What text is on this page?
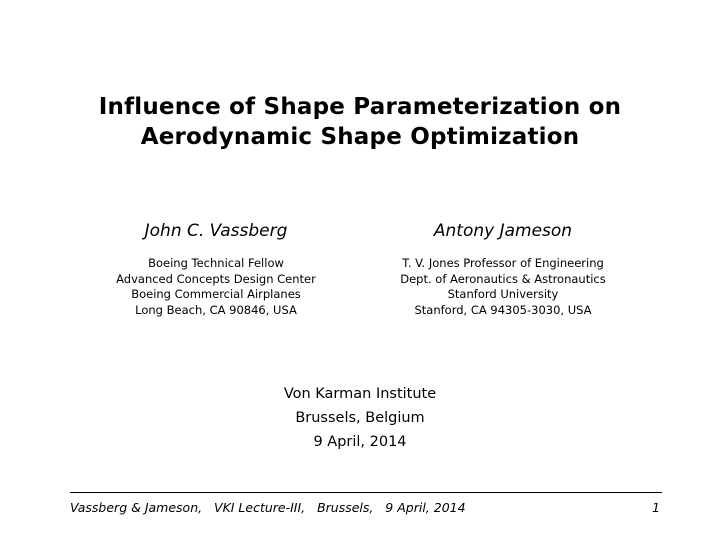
Influence of Shape Parameterization on
Aerodynamic Shape Optimization
John C. Vassberg
Boeing Technical Fellow
Advanced Concepts Design Center
Boeing Commercial Airplanes
Long Beach, CA 90846, USA
Antony Jameson
T. V. Jones Professor of Engineering
Dept. of Aeronautics & Astronautics
Stanford University
Stanford, CA 94305-3030, USA
Von Karman Institute
Brussels, Belgium
9 April, 2014
Vassberg & Jameson,   VKI Lecture-III,   Brussels,   9 April, 2014	1
